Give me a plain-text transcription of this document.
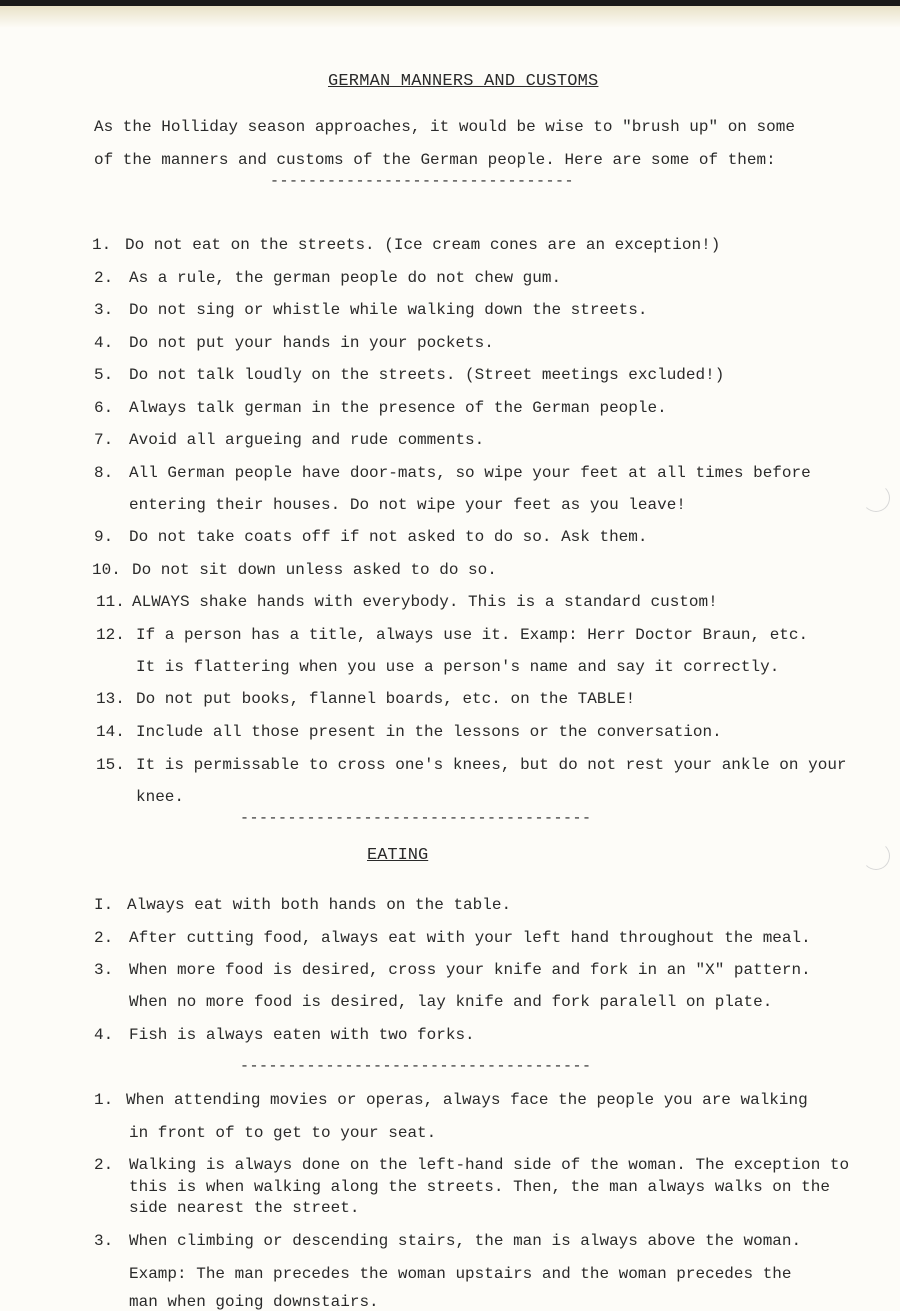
GERMAN MANNERS AND CUSTOMS
As the Holliday season approaches, it would be wise to "brush up" on some
of the manners and customs of the German people. Here are some of them:
--------------------------------
1. Do not eat on the streets. (Ice cream cones are an exception!)
2. As a rule, the german people do not chew gum.
3. Do not sing or whistle while walking down the streets.
4. Do not put your hands in your pockets.
5. Do not talk loudly on the streets. (Street meetings excluded!)
6. Always talk german in the presence of the German people.
7. Avoid all argueing and rude comments.
8. All German people have door-mats, so wipe your feet at all times before
entering their houses. Do not wipe your feet as you leave!
9. Do not take coats off if not asked to do so. Ask them.
10. Do not sit down unless asked to do so.
11. ALWAYS shake hands with everybody. This is a standard custom!
12. If a person has a title, always use it. Examp: Herr Doctor Braun, etc.
It is flattering when you use a person's name and say it correctly.
13. Do not put books, flannel boards, etc. on the TABLE!
14. Include all those present in the lessons or the conversation.
15. It is permissable to cross one's knees, but do not rest your ankle on your
knee.
-------------------------------------
EATING
I. Always eat with both hands on the table.
2. After cutting food, always eat with your left hand throughout the meal.
3. When more food is desired, cross your knife and fork in an "X" pattern.
When no more food is desired, lay knife and fork paralell on plate.
4. Fish is always eaten with two forks.
-------------------------------------
1. When attending movies or operas, always face the people you are walking
in front of to get to your seat.
2. Walking is always done on the left-hand side of the woman. The exception to
this is when walking along the streets. Then, the man always walks on the
side nearest the street.
3. When climbing or descending stairs, the man is always above the woman.
Examp: The man precedes the woman upstairs and the woman precedes the
man when going downstairs.
